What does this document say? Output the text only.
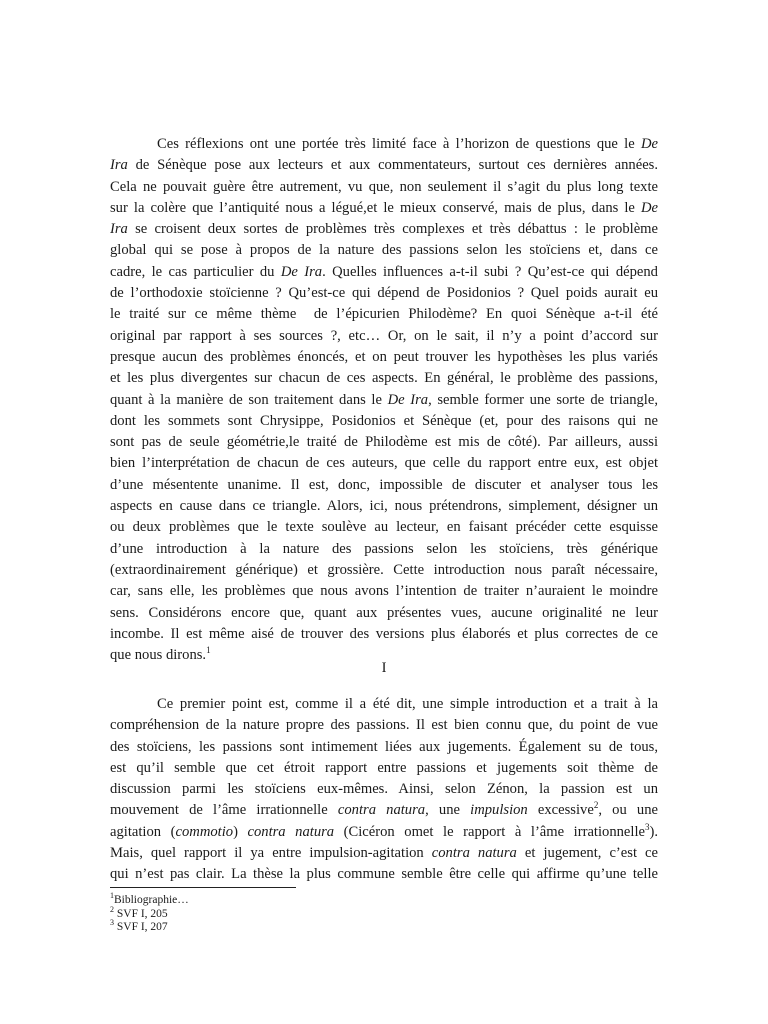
Ces réflexions ont une portée très limité face à l’horizon de questions que le De
Ira de Sénèque pose aux lecteurs et aux commentateurs, surtout ces dernières années.
Cela ne pouvait guère être autrement, vu que, non seulement il s’agit du plus long texte
sur la colère que l’antiquité nous a légué,et le mieux conservé, mais de plus, dans le De
Ira se croisent deux sortes de problèmes très complexes et très débattus : le problème
global qui se pose à propos de la nature des passions selon les stoïciens et, dans ce
cadre, le cas particulier du De Ira. Quelles influences a-t-il subi ? Qu’est-ce qui dépend
de l’orthodoxie stoïcienne ? Qu’est-ce qui dépend de Posidonios ? Quel poids aurait eu
le traité sur ce même thème  de l’épicurien Philodème? En quoi Sénèque a-t-il été
original par rapport à ses sources ?, etc… Or, on le sait, il n’y a point d’accord sur
presque aucun des problèmes énoncés, et on peut trouver les hypothèses les plus variés
et les plus divergentes sur chacun de ces aspects. En général, le problème des passions,
quant à la manière de son traitement dans le De Ira, semble former une sorte de triangle,
dont les sommets sont Chrysippe, Posidonios et Sénèque (et, pour des raisons qui ne
sont pas de seule géométrie,le traité de Philodème est mis de côté). Par ailleurs, aussi
bien l’interprétation de chacun de ces auteurs, que celle du rapport entre eux, est objet
d’une mésentente unanime. Il est, donc, impossible de discuter et analyser tous les
aspects en cause dans ce triangle. Alors, ici, nous prétendrons, simplement, désigner un
ou deux problèmes que le texte soulève au lecteur, en faisant précéder cette esquisse
d’une introduction à la nature des passions selon les stoïciens, très générique
(extraordinairement générique) et grossière. Cette introduction nous paraît nécessaire,
car, sans elle, les problèmes que nous avons l’intention de traiter n’auraient le moindre
sens. Considérons encore que, quant aux présentes vues, aucune originalité ne leur
incombe. Il est même aisé de trouver des versions plus élaborés et plus correctes de ce
que nous dirons.$^1$
I
Ce premier point est, comme il a été dit, une simple introduction et a trait à la
compréhension de la nature propre des passions. Il est bien connu que, du point de vue
des stoïciens, les passions sont intimement liées aux jugements. Également su de tous,
est qu’il semble que cet étroit rapport entre passions et jugements soit thème de
discussion parmi les stoïciens eux-mêmes. Ainsi, selon Zénon, la passion est un
mouvement de l’âme irrationnelle contra natura, une impulsion excessive$^2$, ou une
agitation (commotio) contra natura (Cicéron omet le rapport à l’âme irrationnelle$^3$).
Mais, quel rapport il ya entre impulsion-agitation contra natura et jugement, c’est ce
qui n’est pas clair. La thèse la plus commune semble être celle qui affirme qu’une telle
$^1$Bibliographie…
$^2$ SVF I, 205
$^3$ SVF I, 207
